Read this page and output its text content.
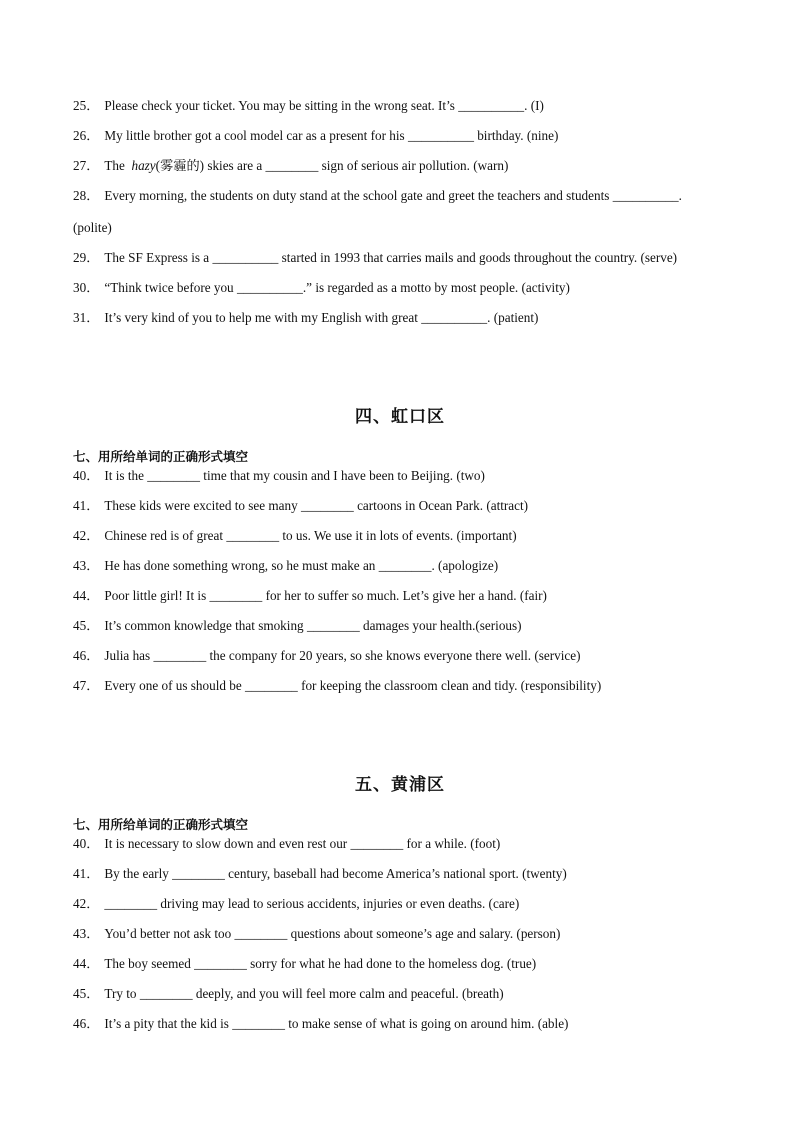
25． Please check your ticket. You may be sitting in the wrong seat. It’s __________. (I)
26． My little brother got a cool model car as a present for his __________ birthday. (nine)
27． The  hazy(雾霾的) skies are a ________ sign of serious air pollution. (warn)
28． Every morning, the students on duty stand at the school gate and greet the teachers and students __________.
(polite)
29． The SF Express is a __________ started in 1993 that carries mails and goods throughout the country. (serve)
30． “Think twice before you __________.” is regarded as a motto by most people. (activity)
31． It’s very kind of you to help me with my English with great __________. (patient)
四、虹口区
七、用所给单词的正确形式填空
40． It is the ________ time that my cousin and I have been to Beijing. (two)
41． These kids were excited to see many ________ cartoons in Ocean Park. (attract)
42． Chinese red is of great ________ to us. We use it in lots of events. (important)
43． He has done something wrong, so he must make an ________. (apologize)
44． Poor little girl! It is ________ for her to suffer so much. Let’s give her a hand. (fair)
45． It’s common knowledge that smoking ________ damages your health.(serious)
46． Julia has ________ the company for 20 years, so she knows everyone there well. (service)
47． Every one of us should be ________ for keeping the classroom clean and tidy. (responsibility)
五、黄浦区
七、用所给单词的正确形式填空
40． It is necessary to slow down and even rest our ________ for a while. (foot)
41． By the early ________ century, baseball had become America’s national sport. (twenty)
42． ________ driving may lead to serious accidents, injuries or even deaths. (care)
43． You’d better not ask too ________ questions about someone’s age and salary. (person)
44． The boy seemed ________ sorry for what he had done to the homeless dog. (true)
45． Try to ________ deeply, and you will feel more calm and peaceful. (breath)
46． It’s a pity that the kid is ________ to make sense of what is going on around him. (able)
